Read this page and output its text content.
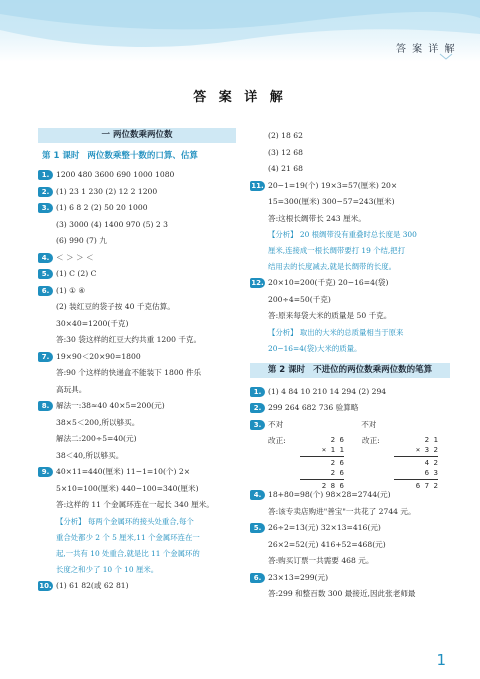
答 案 详 解
答 案 详 解
一 两位数乘两位数
第 1 课时 两位数乘整十数的口算、估算
1. 1200 480 3600 690 1000 1080
2. (1) 23 1 230 (2) 12 2 1200
3. (1) 6 8 2 (2) 50 20 1000
(3) 3000 (4) 1400 970 (5) 2 3
(6) 990 (7) 九
4. ＜ ＞ ＞ ＜
5. (1) C (2) C
6. (1) ① ④
(2) 装红豆的袋子按 40 千克估算。
30×40=1200(千克)
答:30 袋这样的红豆大约共重 1200 千克。
7. 19×90＜20×90=1800
答:90 个这样的快递盒不能装下 1800 件乐
高玩具。
8. 解法一:38≈40 40×5=200(元)
38×5＜200,所以够买。
解法二:200÷5=40(元)
38＜40,所以够买。
9. 40×11=440(厘米) 11−1=10(个) 2×
5×10=100(厘米) 440−100=340(厘米)
答:这样的 11 个金属环连在一起长 340 厘米。
【分析】 每两个金属环的接头处重合,每个
重合处都少 2 个 5 厘米,11 个金属环连在一
起,一共有 10 处重合,就是比 11 个金属环的
长度之和少了 10 个 10 厘米。
10. (1) 61 82(或 62 81)
(2) 18 62
(3) 12 68
(4) 21 68
11. 20−1=19(个) 19×3=57(厘米) 20×
15=300(厘米) 300−57=243(厘米)
答:这根长绸带长 243 厘米。
【分析】 20 根绸带没有重叠时总长度是 300
厘米,连接成一根长绸带要打 19 个结,把打
结用去的长度减去,就是长绸带的长度。
12. 20×10=200(千克) 20−16=4(袋)
200÷4=50(千克)
答:原来每袋大米的质量是 50 千克。
【分析】 取出的大米的总质量相当于原来
20−16=4(袋)大米的质量。
第 2 课时 不进位的两位数乘两位数的笔算
1. (1) 4 84 10 210 14 294 (2) 294
2. 299 264 682 736 验算略
3. 不对	不对
改正:	2 6
× 1 1
2 6
2 6
2 8 6
改正:	2 1
× 3 2
4 2
6 3
6 7 2
4. 18+80=98(个) 98×28=2744(元)
答:该专卖店购进"善宝"一共花了 2744 元。
5. 26÷2=13(元) 32×13=416(元)
26×2=52(元) 416+52=468(元)
答:购买订票一共需要 468 元。
6. 23×13=299(元)
答:299 和整百数 300 最接近,因此张老师最
1
